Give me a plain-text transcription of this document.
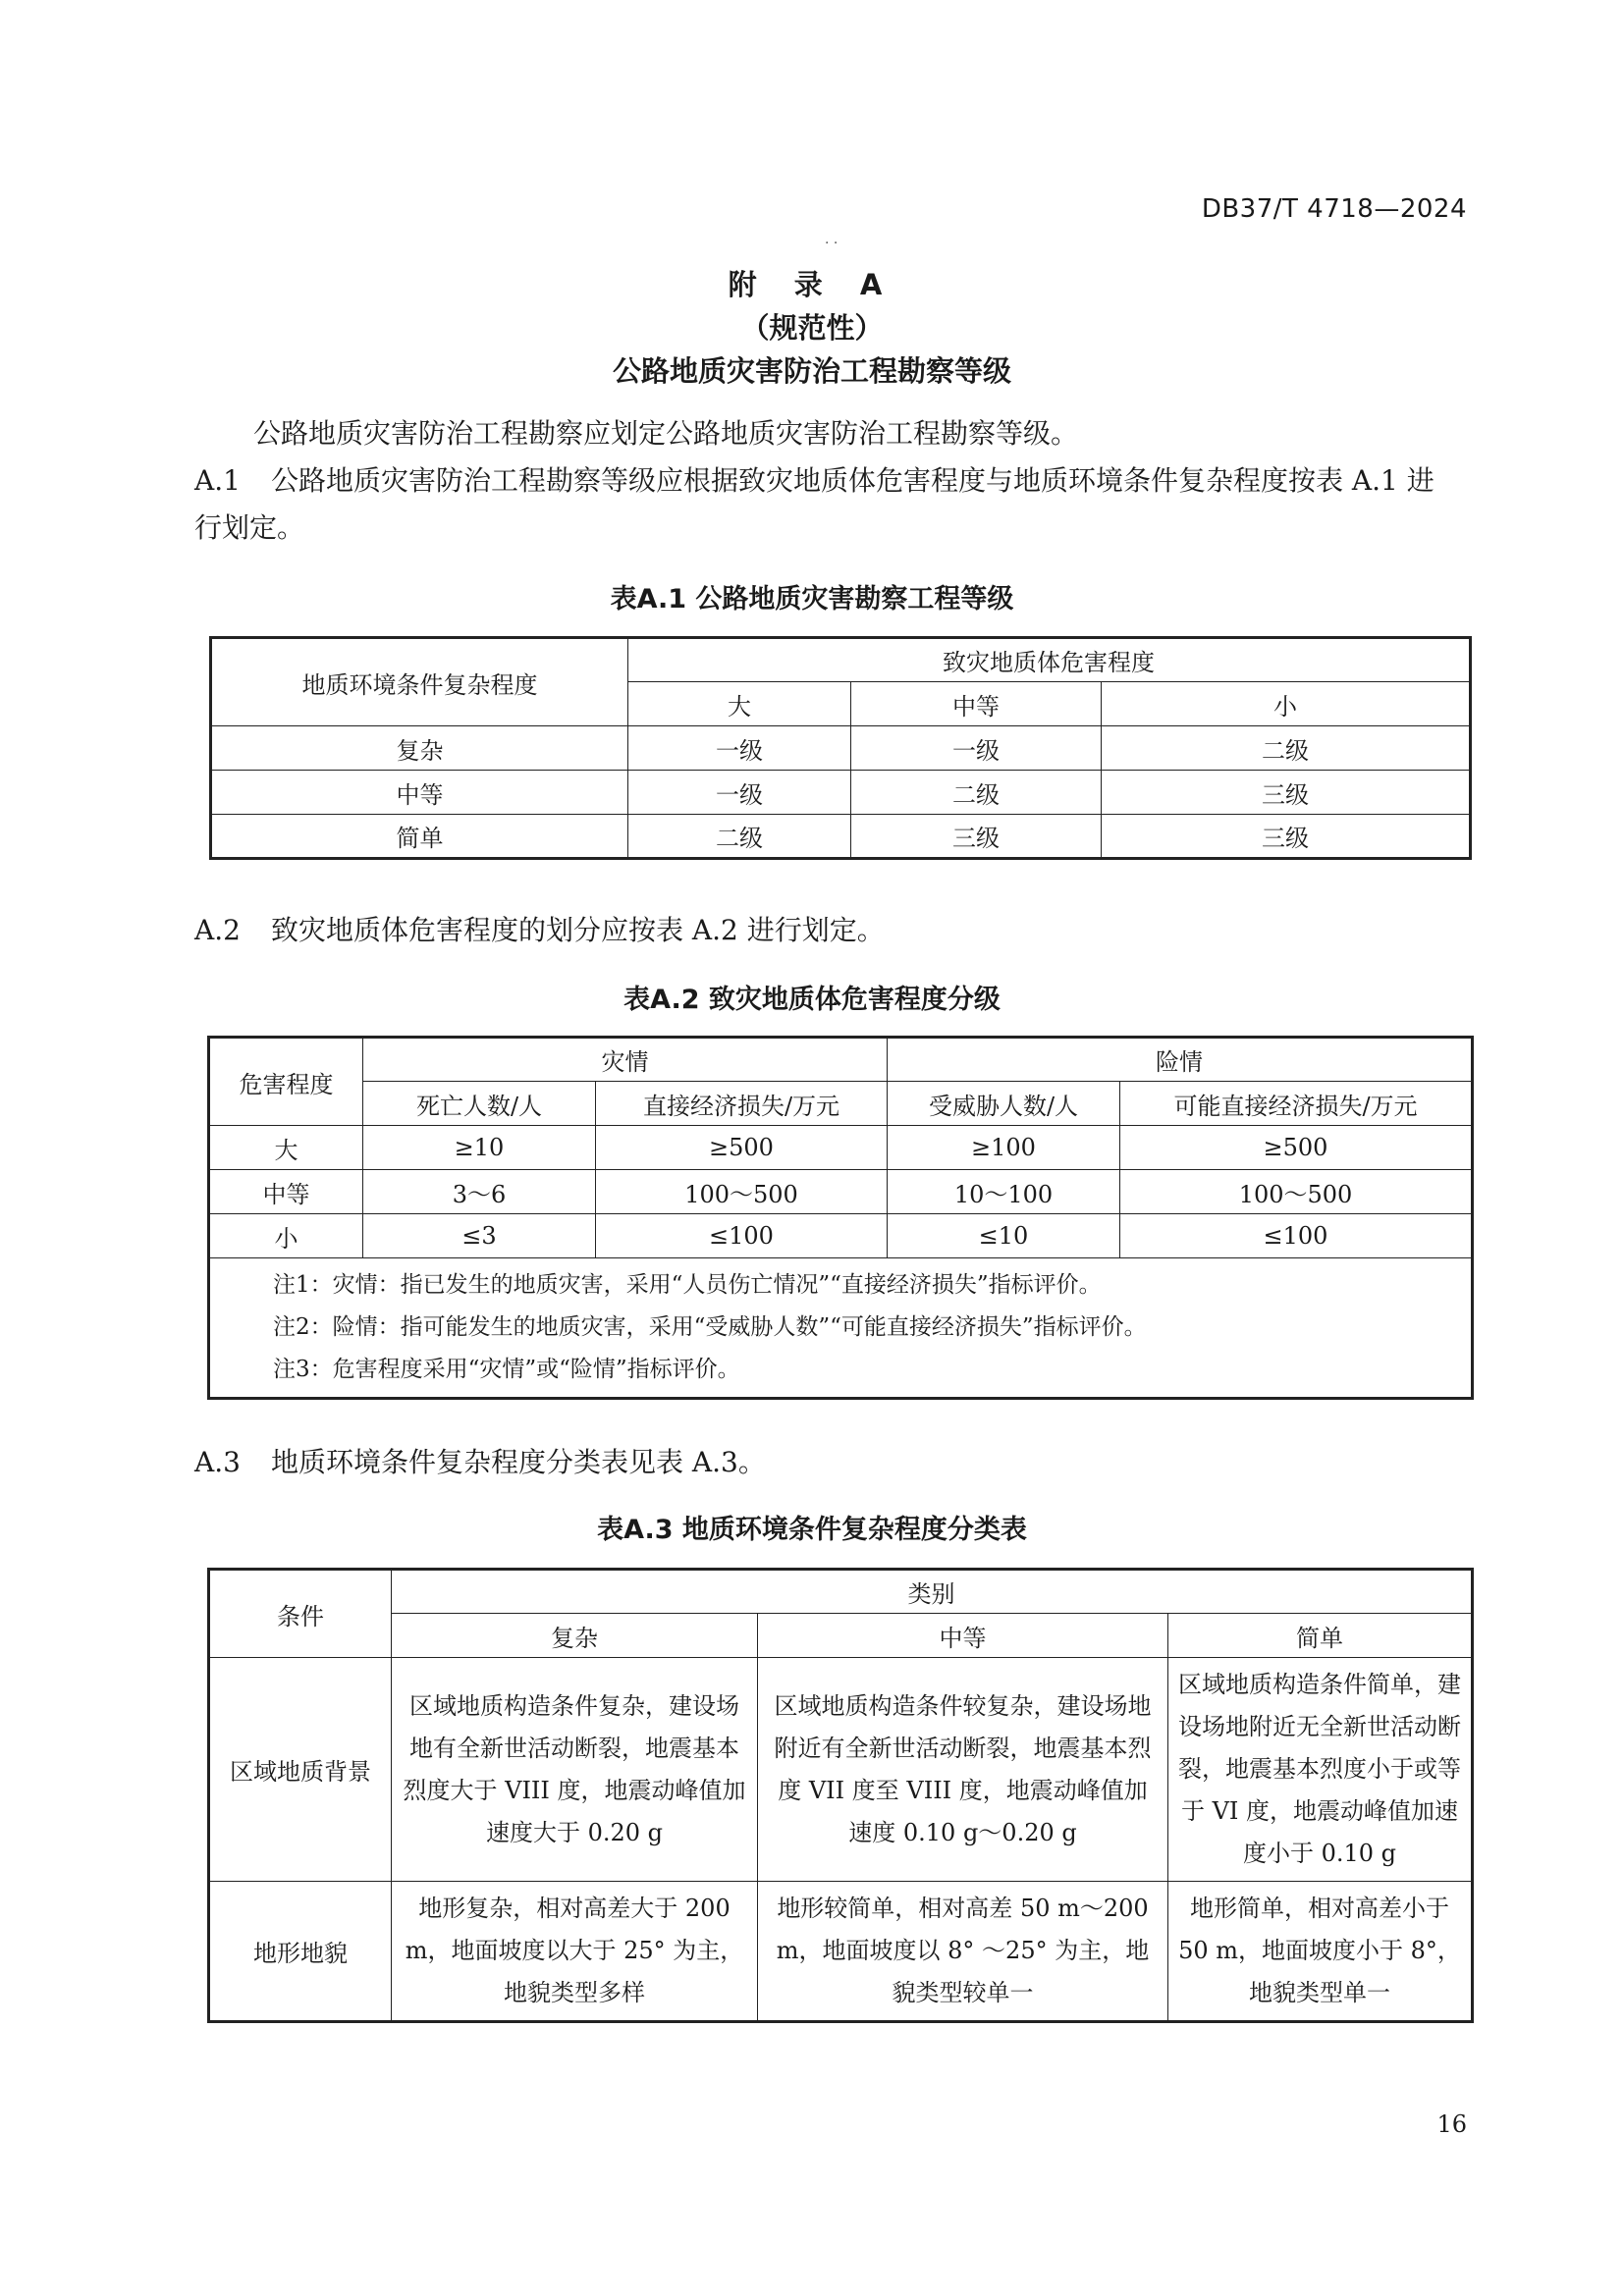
DB37/T 4718—2024
· ·
附 录 A
（规范性）
公路地质灾害防治工程勘察等级
公路地质灾害防治工程勘察应划定公路地质灾害防治工程勘察等级。
A.1 公路地质灾害防治工程勘察等级应根据致灾地质体危害程度与地质环境条件复杂程度按表 A.1 进
行划定。
表A.1 公路地质灾害勘察工程等级
地质环境条件复杂程度	致灾地质体危害程度		
	大	中等	小
复杂	一级	一级	二级
中等	一级	二级	三级
简单	二级	三级	三级
A.2 致灾地质体危害程度的划分应按表 A.2 进行划定。
表A.2 致灾地质体危害程度分级
危害程度	灾情		险情	
	死亡人数/人	直接经济损失/万元	受威胁人数/人	可能直接经济损失/万元
大	≥10	≥500	≥100	≥500
中等	3～6	100～500	10～100	100～500
小	≤3	≤100	≤10	≤100

注1：灾情：指已发生的地质灾害，采用“人员伤亡情况”“直接经济损失”指标评价。
注2：险情：指可能发生的地质灾害，采用“受威胁人数”“可能直接经济损失”指标评价。
注3：危害程度采用“灾情”或“险情”指标评价。				
A.3 地质环境条件复杂程度分类表见表 A.3。
表A.3 地质环境条件复杂程度分类表
条件	类别		
	复杂	中等	简单
区域地质背景	区域地质构造条件复杂，建设场地有全新世活动断裂，地震基本烈度大于 VIII 度，地震动峰值加速度大于 0.20 g	区域地质构造条件较复杂，建设场地附近有全新世活动断裂，地震基本烈度 VII 度至 VIII 度，地震动峰值加速度 0.10 g～0.20 g	区域地质构造条件简单，建设场地附近无全新世活动断裂，地震基本烈度小于或等于 VI 度，地震动峰值加速度小于 0.10 g
地形地貌	地形复杂，相对高差大于 200 m，地面坡度以大于 25° 为主，地貌类型多样	地形较简单，相对高差 50 m～200 m，地面坡度以 8° ～25° 为主，地貌类型较单一	地形简单，相对高差小于 50 m，地面坡度小于 8°，地貌类型单一
16
